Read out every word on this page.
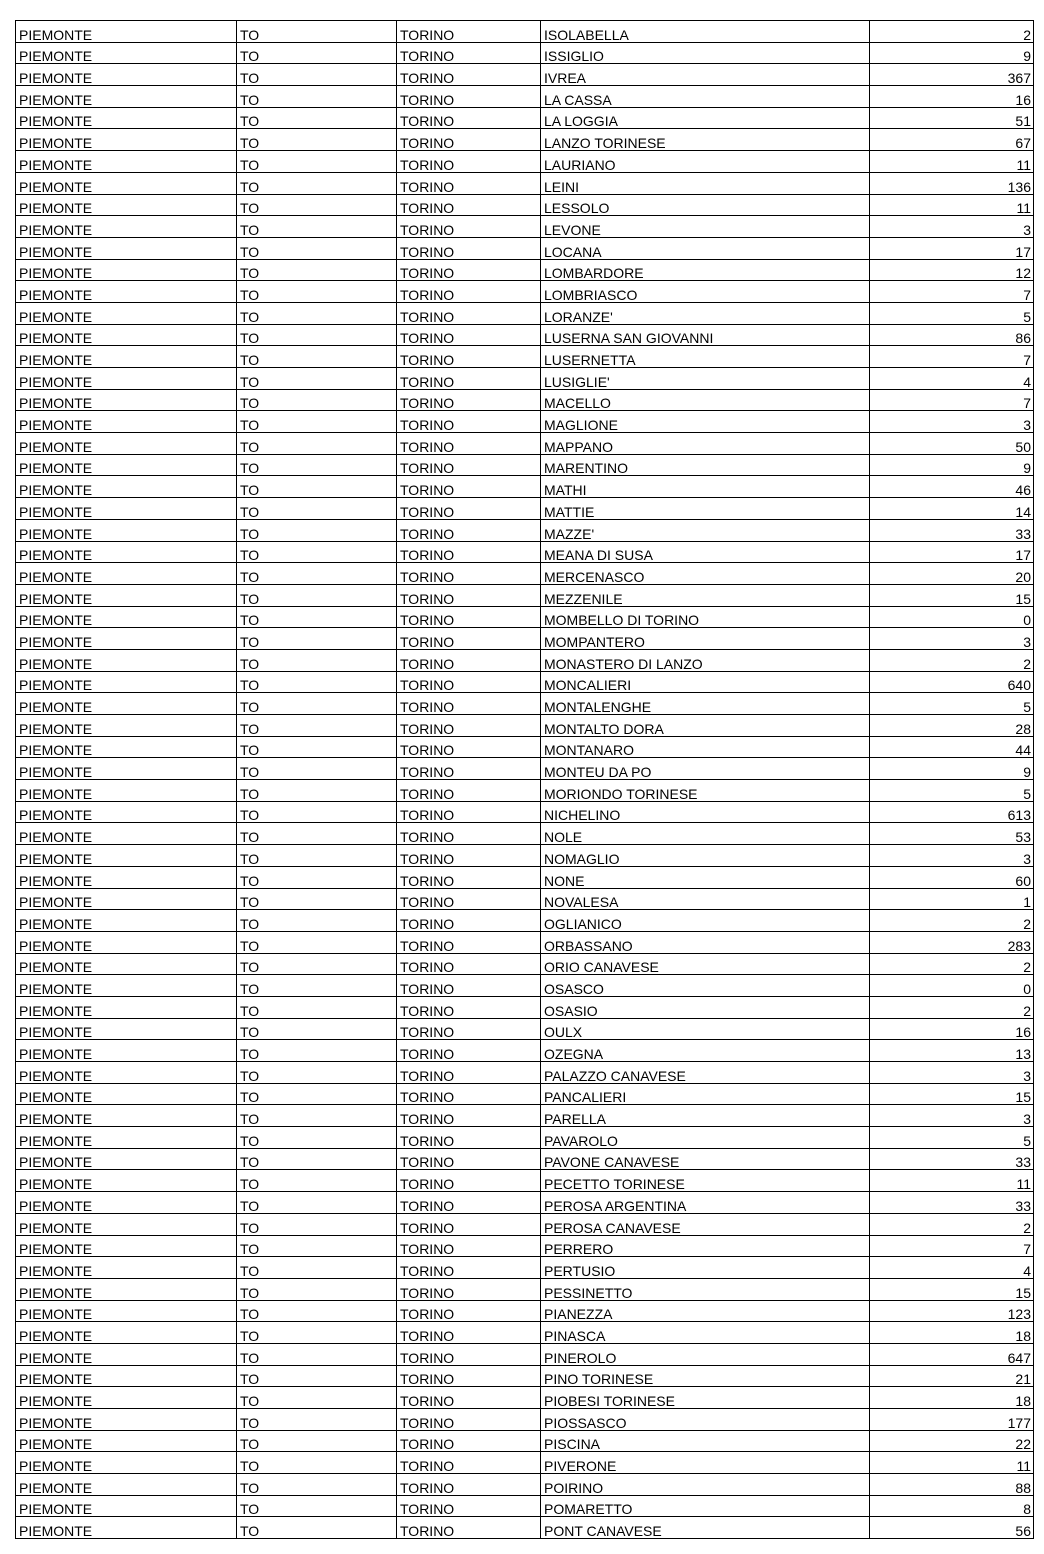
PIEMONTE	TO	TORINO	ISOLABELLA	2
PIEMONTE	TO	TORINO	ISSIGLIO	9
PIEMONTE	TO	TORINO	IVREA	367
PIEMONTE	TO	TORINO	LA CASSA	16
PIEMONTE	TO	TORINO	LA LOGGIA	51
PIEMONTE	TO	TORINO	LANZO TORINESE	67
PIEMONTE	TO	TORINO	LAURIANO	11
PIEMONTE	TO	TORINO	LEINI	136
PIEMONTE	TO	TORINO	LESSOLO	11
PIEMONTE	TO	TORINO	LEVONE	3
PIEMONTE	TO	TORINO	LOCANA	17
PIEMONTE	TO	TORINO	LOMBARDORE	12
PIEMONTE	TO	TORINO	LOMBRIASCO	7
PIEMONTE	TO	TORINO	LORANZE'	5
PIEMONTE	TO	TORINO	LUSERNA SAN GIOVANNI	86
PIEMONTE	TO	TORINO	LUSERNETTA	7
PIEMONTE	TO	TORINO	LUSIGLIE'	4
PIEMONTE	TO	TORINO	MACELLO	7
PIEMONTE	TO	TORINO	MAGLIONE	3
PIEMONTE	TO	TORINO	MAPPANO	50
PIEMONTE	TO	TORINO	MARENTINO	9
PIEMONTE	TO	TORINO	MATHI	46
PIEMONTE	TO	TORINO	MATTIE	14
PIEMONTE	TO	TORINO	MAZZE'	33
PIEMONTE	TO	TORINO	MEANA DI SUSA	17
PIEMONTE	TO	TORINO	MERCENASCO	20
PIEMONTE	TO	TORINO	MEZZENILE	15
PIEMONTE	TO	TORINO	MOMBELLO DI TORINO	0
PIEMONTE	TO	TORINO	MOMPANTERO	3
PIEMONTE	TO	TORINO	MONASTERO DI LANZO	2
PIEMONTE	TO	TORINO	MONCALIERI	640
PIEMONTE	TO	TORINO	MONTALENGHE	5
PIEMONTE	TO	TORINO	MONTALTO DORA	28
PIEMONTE	TO	TORINO	MONTANARO	44
PIEMONTE	TO	TORINO	MONTEU DA PO	9
PIEMONTE	TO	TORINO	MORIONDO TORINESE	5
PIEMONTE	TO	TORINO	NICHELINO	613
PIEMONTE	TO	TORINO	NOLE	53
PIEMONTE	TO	TORINO	NOMAGLIO	3
PIEMONTE	TO	TORINO	NONE	60
PIEMONTE	TO	TORINO	NOVALESA	1
PIEMONTE	TO	TORINO	OGLIANICO	2
PIEMONTE	TO	TORINO	ORBASSANO	283
PIEMONTE	TO	TORINO	ORIO CANAVESE	2
PIEMONTE	TO	TORINO	OSASCO	0
PIEMONTE	TO	TORINO	OSASIO	2
PIEMONTE	TO	TORINO	OULX	16
PIEMONTE	TO	TORINO	OZEGNA	13
PIEMONTE	TO	TORINO	PALAZZO CANAVESE	3
PIEMONTE	TO	TORINO	PANCALIERI	15
PIEMONTE	TO	TORINO	PARELLA	3
PIEMONTE	TO	TORINO	PAVAROLO	5
PIEMONTE	TO	TORINO	PAVONE CANAVESE	33
PIEMONTE	TO	TORINO	PECETTO TORINESE	11
PIEMONTE	TO	TORINO	PEROSA ARGENTINA	33
PIEMONTE	TO	TORINO	PEROSA CANAVESE	2
PIEMONTE	TO	TORINO	PERRERO	7
PIEMONTE	TO	TORINO	PERTUSIO	4
PIEMONTE	TO	TORINO	PESSINETTO	15
PIEMONTE	TO	TORINO	PIANEZZA	123
PIEMONTE	TO	TORINO	PINASCA	18
PIEMONTE	TO	TORINO	PINEROLO	647
PIEMONTE	TO	TORINO	PINO TORINESE	21
PIEMONTE	TO	TORINO	PIOBESI TORINESE	18
PIEMONTE	TO	TORINO	PIOSSASCO	177
PIEMONTE	TO	TORINO	PISCINA	22
PIEMONTE	TO	TORINO	PIVERONE	11
PIEMONTE	TO	TORINO	POIRINO	88
PIEMONTE	TO	TORINO	POMARETTO	8
PIEMONTE	TO	TORINO	PONT CANAVESE	56
